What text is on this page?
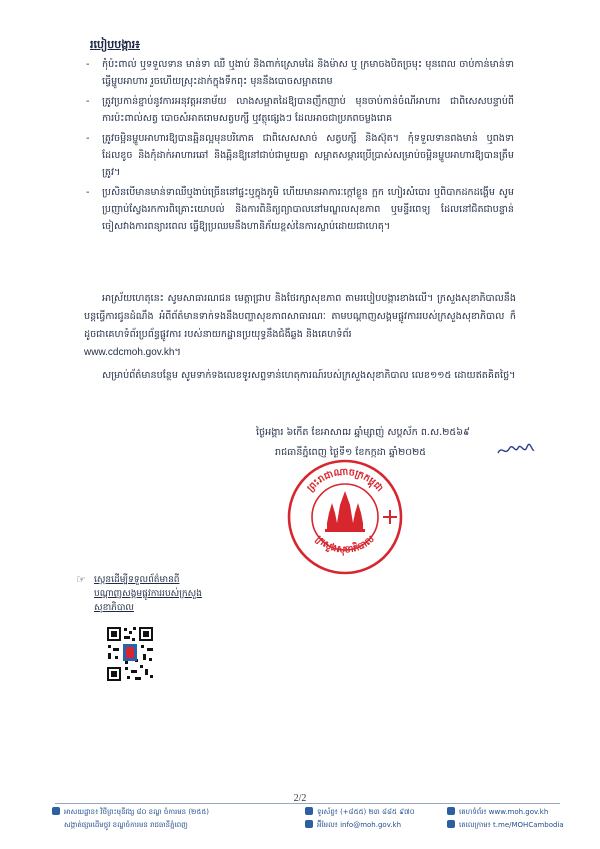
របៀបបង្ការ៖
- កុំប៉ះពាល់ ឬទទួលទាន មាន់ទា ឈឺ ឬងាប់ និងពាក់ស្រោមដៃ និងម៉ាស ឬ ក្រមាចងបិតច្រមុះ មុនពេល ចាប់កាន់មាន់ទាធ្វើម្ហូបអាហារ រួចហើយស្រុះដាក់ក្នុងទឹកពុះ មុននឹងបោចសម្អាតរោម
- ត្រូវប្រកាន់ខ្ជាប់នូវការអនុវត្តអនាម័យ លាងសម្អាតដៃឱ្យបានញឹកញាប់ មុនចាប់កាន់ចំណីអាហារ ជាពិសេសបន្ទាប់ពីការប៉ះពាល់សត្វ បោចសំអាតរោមសត្វបក្សី ឬវត្ថុផ្សេងៗ ដែលអាចជាប្រភពចម្លងរោគ
- ត្រូវចម្អិនម្ហូបអាហារឱ្យបានឆ្អិនល្អមុនបរិភោគ ជាពិសេសសាច់ សត្វបក្សី និងស៊ុត។ កុំទទួលទានពងមាន់ ឬពងទាដែលខូច និងកុំដាក់អាហារឆៅ និងឆ្អិនឱ្យនៅជាប់ជាមួយគ្នា សម្អាតសម្ភារប្រើប្រាស់សម្រាប់ចម្អិនម្ហូបអាហារឱ្យបានត្រឹមត្រូវ។
- ប្រសិនបើមានមាន់ទាឈឺឬងាប់ច្រើននៅផ្ទះឬក្នុងភូមិ ហើយមានអាការៈក្តៅខ្លួន ក្អក ហៀរសំបោរ ឬពិបាកដកដង្ហើម សូមប្រញាប់ស្វែងរកការពិគ្រោះយោបល់ និងការពិនិត្យព្យាបាលនៅមណ្ឌលសុខភាព ឬមន្ទីរពេទ្យ ដែលនៅជិតជាបន្ទាន់ ចៀសវាងការពន្យារពេល ធ្វើឱ្យប្រឈមនឹងហានិភ័យខ្ពស់នៃការស្លាប់ដោយជាហេតុ។

អាស្រ័យហេតុនេះ សូមសាធារណជន មេត្តាជ្រាប និងថែរក្សាសុខភាព តាមរបៀបបង្ការខាងលើ។ ក្រសួងសុខាភិបាលនឹងបន្តធ្វើការជូនដំណឹង អំពីព័ត៌មានទាក់ទងនឹងបញ្ហាសុខភាពសាធារណៈ តាមបណ្តាញសង្គមផ្លូវការរបស់ក្រសួងសុខាភិបាល ក៏ដូចជាគេហទំព័រប្រព័ន្ធផ្លូវការ របស់នាយកដ្ឋានប្រយុទ្ធនឹងជំងឺឆ្លង និងគេហទំព័រ
www.cdcmoh.gov.kh។

សម្រាប់ព័ត៌មានបន្ថែម សូមទាក់ទងលេខទូរសព្ទទាន់ហេតុការណ៍របស់ក្រសួងសុខាភិបាល លេខ១១៥ ដោយឥតគិតថ្លៃ។

ថ្ងៃអង្គារ ៦កើត ខែអាសាឍ ឆ្នាំម្សាញ់ សប្តស័ក ព.ស.២៥៦៩
រាជធានីភ្នំពេញ ថ្ងៃទី១ ខែកក្កដា ឆ្នាំ២០២៥
ព្រះរាជាណាចក្រកម្ពុជា
ក្រសួងសុខាភិបាល
☞ ស្កេនដើម្បីទទួលព័ត៌មានពីបណ្តាញសង្គមផ្លូវការរបស់ក្រសួងសុខាភិបាល
2/2
អាសយដ្ឋាន៖ វិថីព្រះមុនីវង្ស ៨០ ខណ្ឌ ចំការមន (២៥៥)
សង្កាត់ផ្សារដើមថ្កូវ ខណ្ឌចំការមន រាជធានីភ្នំពេញ
ទូរស័ព្ទ៖ (+៨៥៥) ២៣ ៨៨៥ ៩៧០
អ៊ីមែល៖ info@moh.gov.kh
គេហទំព័រ៖ www.moh.gov.kh
តេលេក្រាម៖ t.me/MOHCambodia
